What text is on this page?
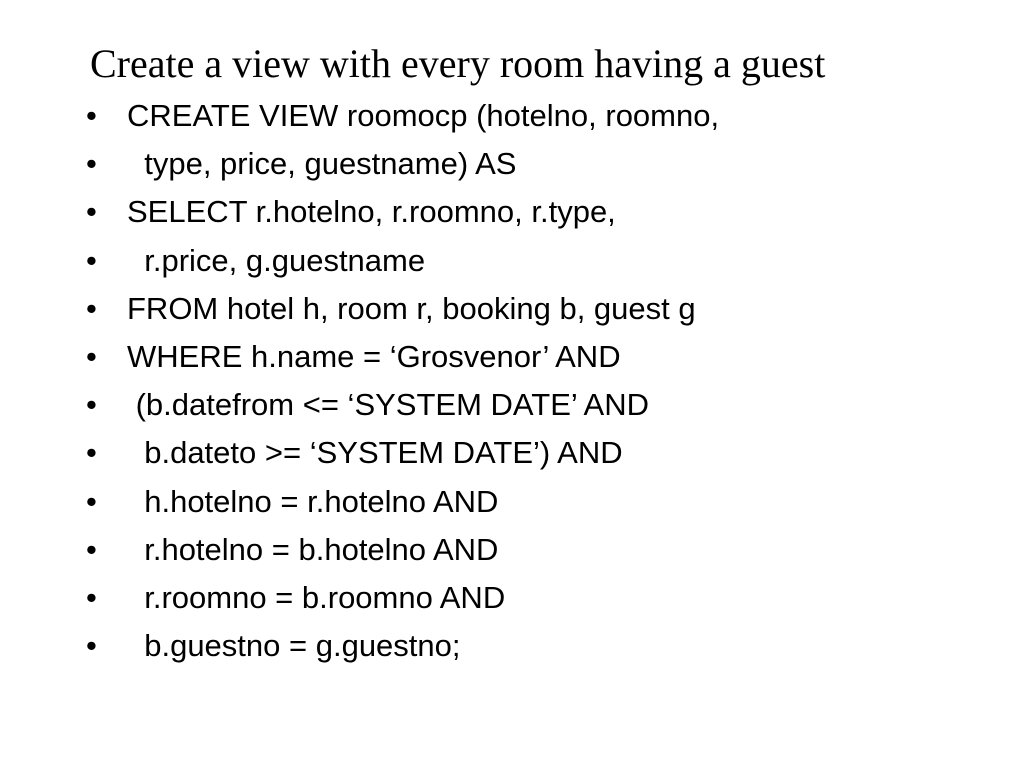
Create a view with every room having a guest

•

CREATE VIEW roomocp (hotelno, roomno,

•

type, price, guestname) AS

•

SELECT r.hotelno, r.roomno, r.type,

•

r.price, g.guestname

•

FROM hotel h, room r, booking b, guest g

•

WHERE h.name = ‘Grosvenor’ AND

•

(b.datefrom <= ‘SYSTEM DATE’ AND

•

b.dateto >= ‘SYSTEM DATE’) AND

•

h.hotelno = r.hotelno AND

•

r.hotelno = b.hotelno AND

•

r.roomno = b.roomno AND

•

b.guestno = g.guestno;
